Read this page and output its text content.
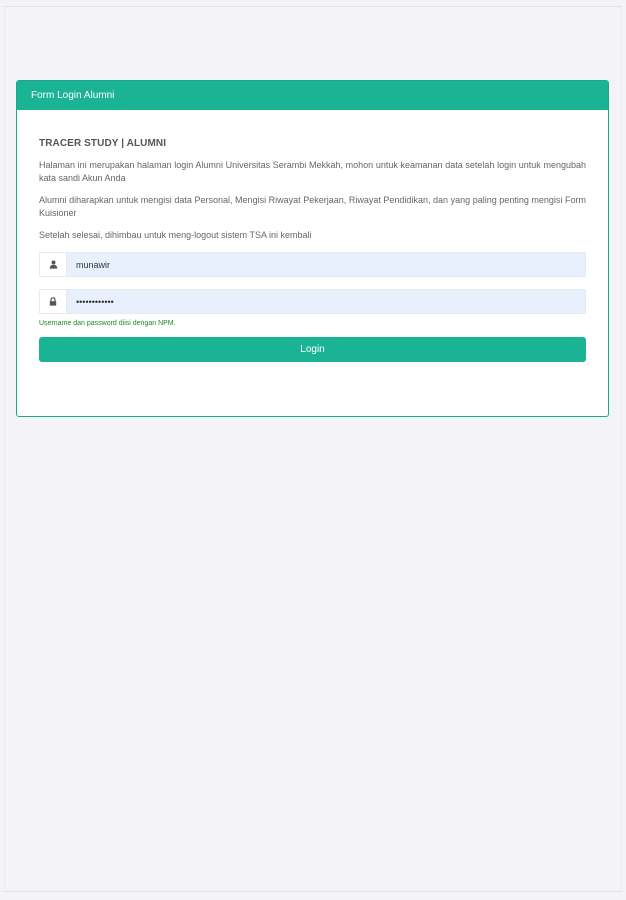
Form Login Alumni
TRACER STUDY | ALUMNI

Halaman ini merupakan halaman login Alumni Universitas Serambi Mekkah, mohon untuk keamanan data setelah login untuk mengubah kata sandi Akun Anda

Alumni diharapkan untuk mengisi data Personal, Mengisi Riwayat Pekerjaan, Riwayat Pendidikan, dan yang paling penting mengisi Form Kuisioner

Setelah selesai, dihimbau untuk meng-logout sistem TSA ini kembali

munawir
••••••••••••
Username dan password diisi dengan NPM.
Login
